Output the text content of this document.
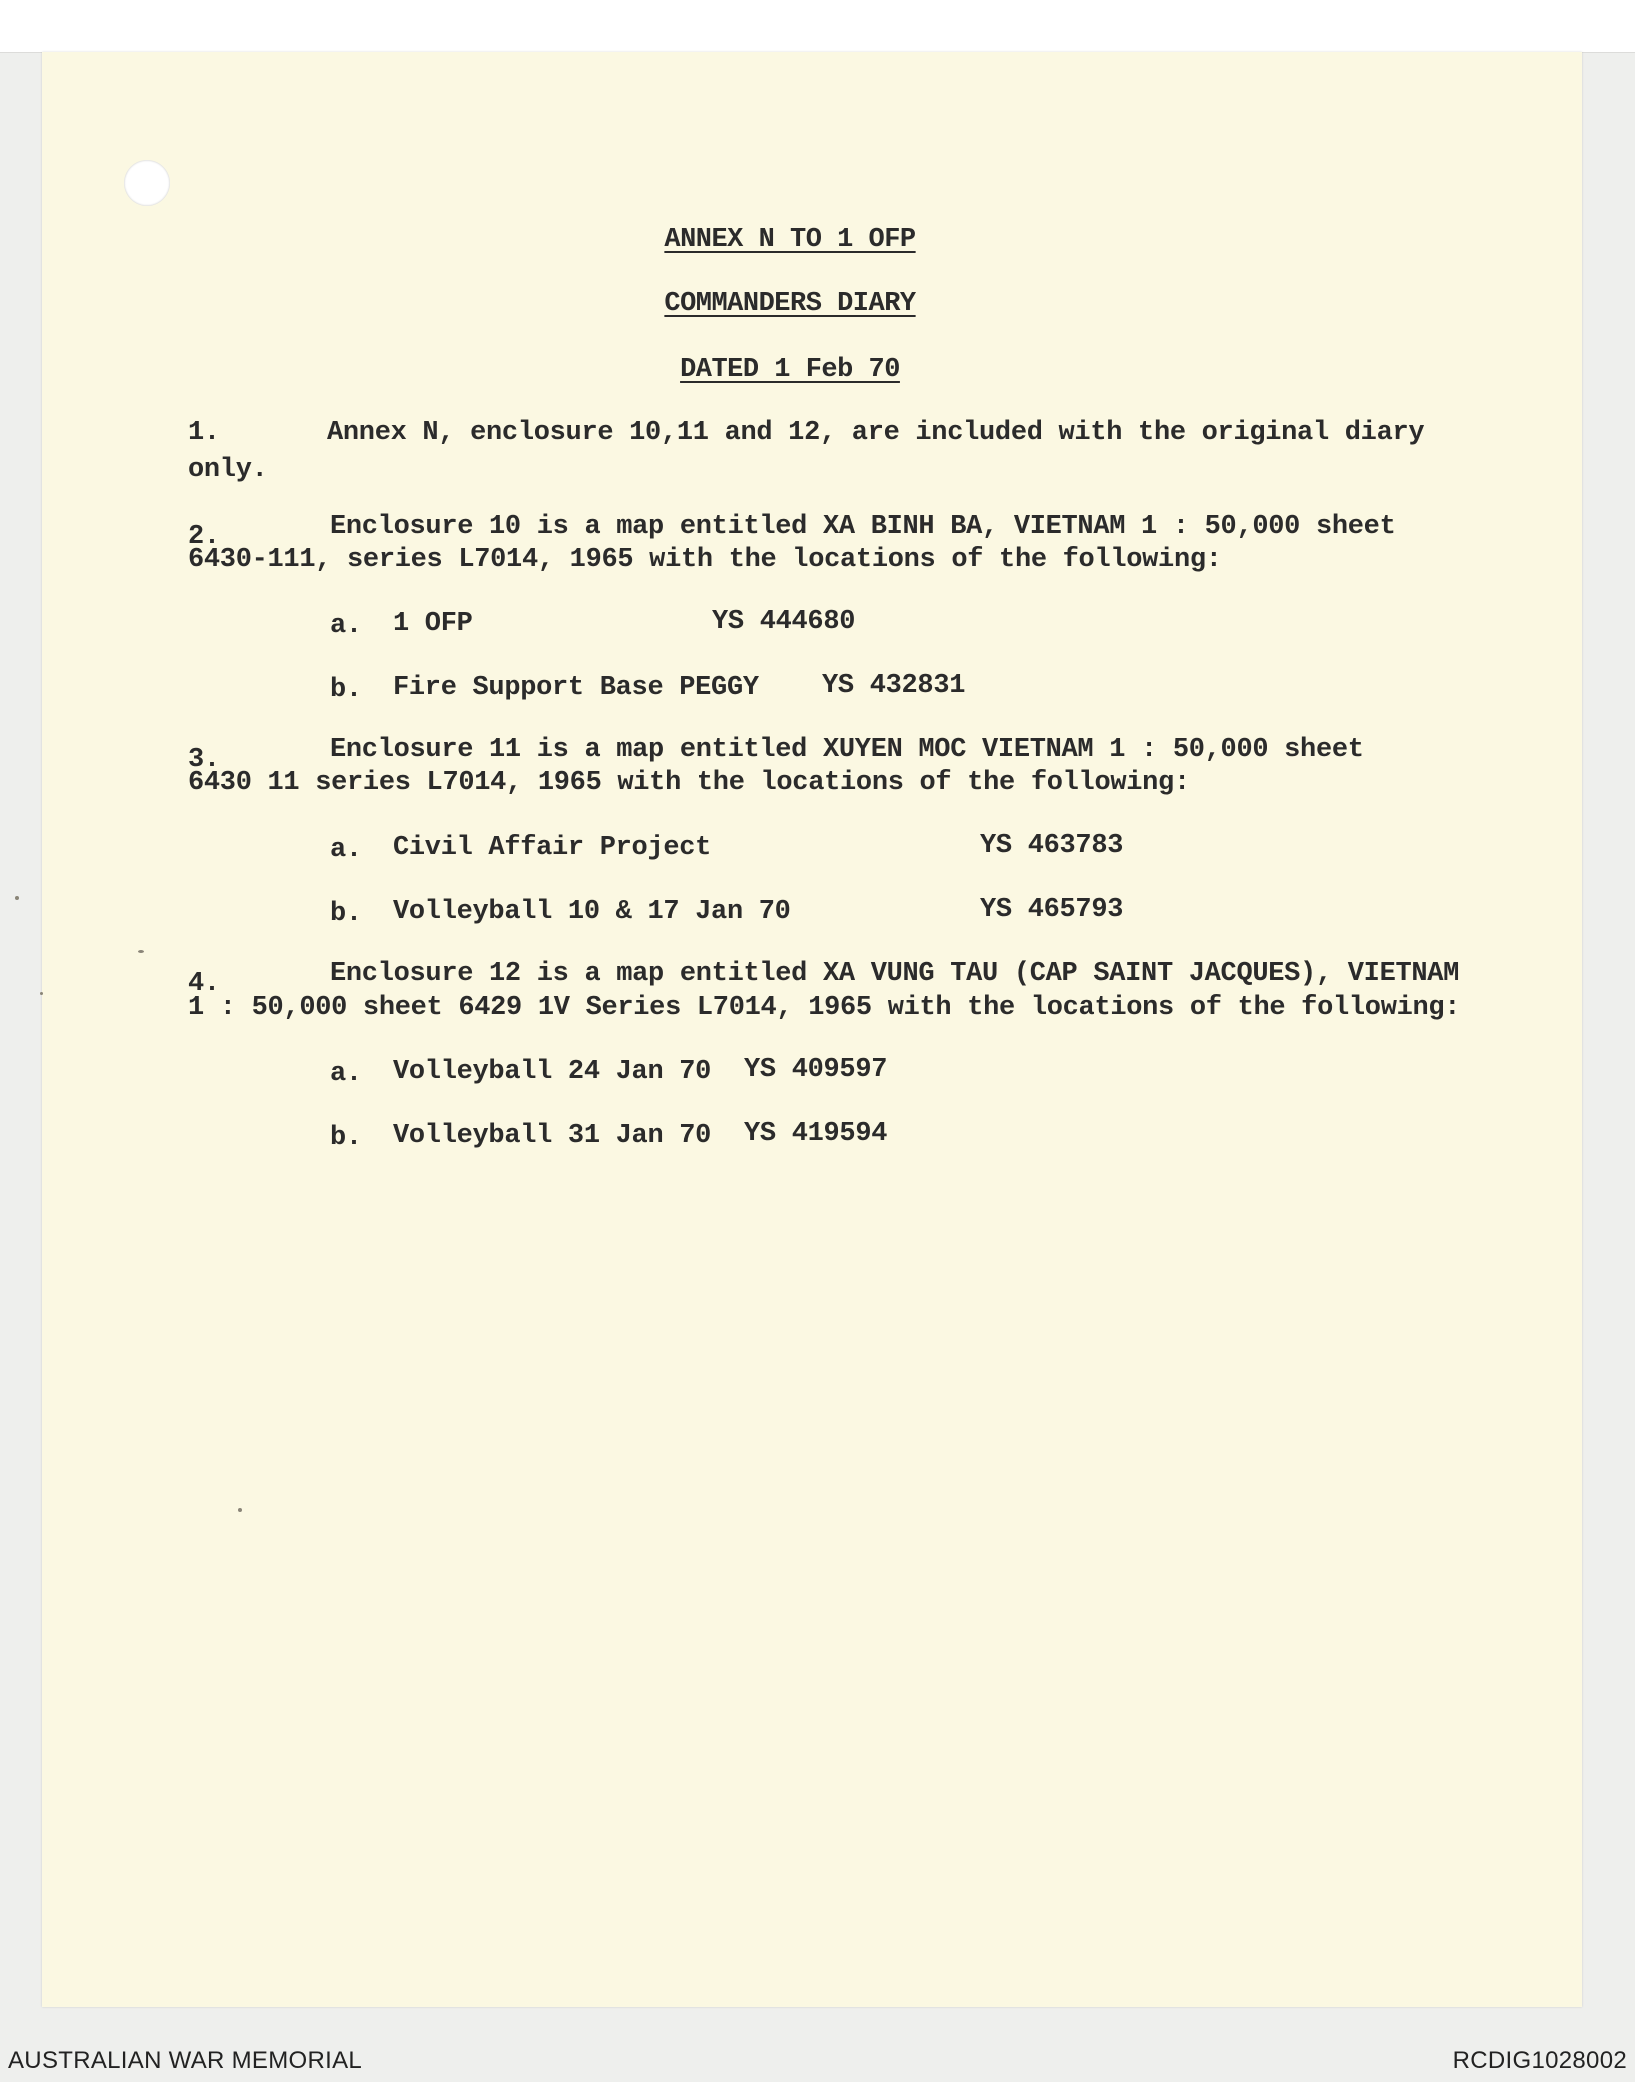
ANNEX N TO 1 OFP
COMMANDERS DIARY
DATED 1 Feb 70
1.	Annex N, enclosure 10,11 and 12, are included with the original diary
only.
2.	Enclosure 10 is a map entitled XA BINH BA, VIETNAM 1 : 50,000 sheet
6430-111, series L7014, 1965 with the locations of the following:
a. 1 OFP	YS 444680
b. Fire Support Base PEGGY YS 432831
3.	Enclosure 11 is a map entitled XUYEN MOC VIETNAM 1 : 50,000 sheet
6430 11 series L7014, 1965 with the locations of the following:
a. Civil Affair Project	YS 463783
b. Volleyball 10 & 17 Jan 70	YS 465793
4.	Enclosure 12 is a map entitled XA VUNG TAU (CAP SAINT JACQUES), VIETNAM
1 : 50,000 sheet 6429 1V Series L7014, 1965 with the locations of the following:
a. Volleyball 24 Jan 70 YS 409597
b. Volleyball 31 Jan 70 YS 419594
AUSTRALIAN WAR MEMORIAL	RCDIG1028002
